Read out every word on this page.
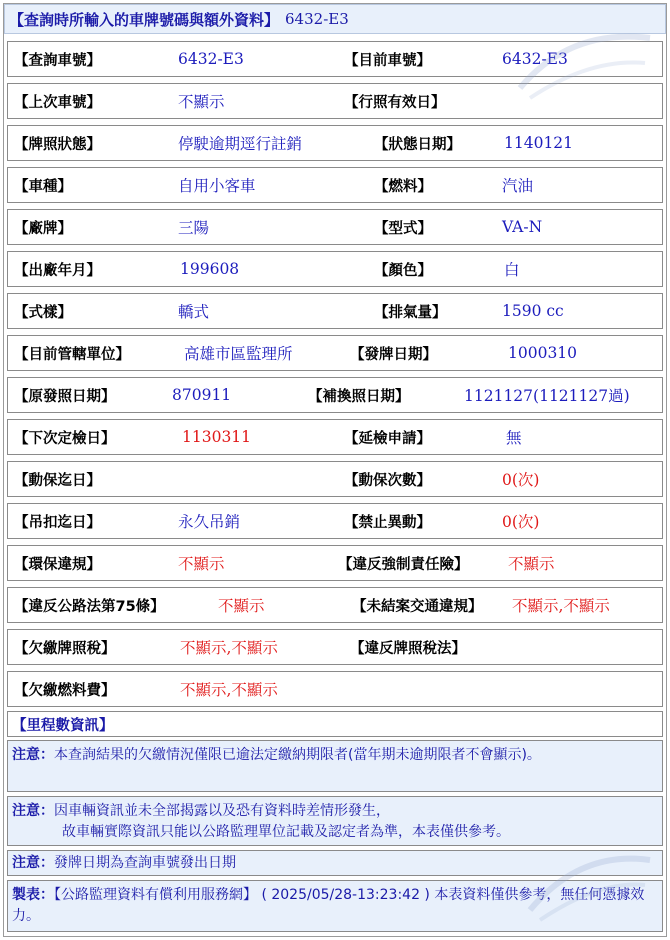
【查詢時所輸入的車牌號碼與額外資料】 6432-E3
【查詢車號】	6432-E3	【目前車號】	6432-E3
【上次車號】	不顯示	【行照有效日】
【牌照狀態】	停駛逾期逕行註銷	【狀態日期】	1140121
【車種】	自用小客車	【燃料】	汽油
【廠牌】	三陽	【型式】	VA-N
【出廠年月】	199608	【顏色】	白
【式樣】	轎式	【排氣量】	1590 cc
【目前管轄單位】	高雄市區監理所	【發牌日期】	1000310
【原發照日期】	870911	【補換照日期】	1121127(1121127過)
【下次定檢日】	1130311	【延檢申請】	無
【動保迄日】	【動保次數】	0(次)
【吊扣迄日】	永久吊銷	【禁止異動】	0(次)
【環保違規】	不顯示	【違反強制責任險】	不顯示
【違反公路法第75條】	不顯示	【未結案交通違規】 不顯示,不顯示
【欠繳牌照稅】	不顯示,不顯示	【違反牌照稅法】
【欠繳燃料費】	不顯示,不顯示
【里程數資訊】
注意：本查詢結果的欠繳情況僅限已逾法定繳納期限者(當年期未逾期限者不會顯示)。
注意：因車輛資訊並未全部揭露以及恐有資料時差情形發生，
故車輛實際資訊只能以公路監理單位記載及認定者為準，本表僅供參考。
注意：發牌日期為查詢車號發出日期
製表：【公路監理資料有償利用服務網】 ( 2025/05/28-13:23:42 ) 本表資料僅供參考，無任何憑據效力。
